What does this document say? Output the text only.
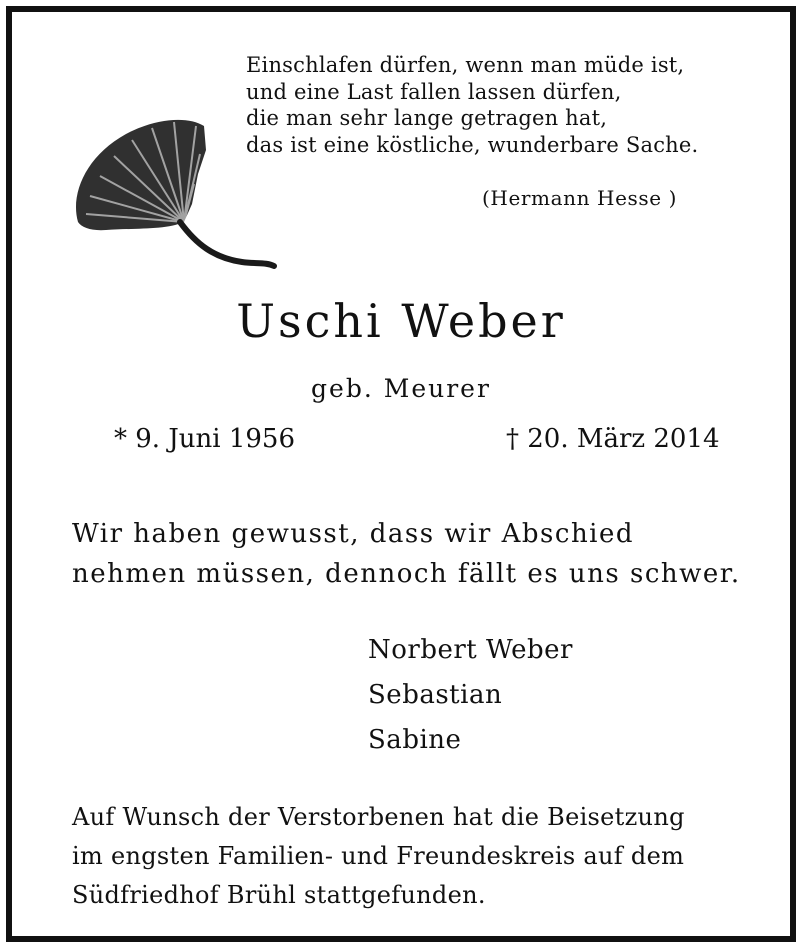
Einschlafen dürfen, wenn man müde ist,
und eine Last fallen lassen dürfen,
die man sehr lange getragen hat,
das ist eine köstliche, wunderbare Sache.
(Hermann Hesse )
Uschi Weber
geb. Meurer
* 9. Juni 1956	† 20. März 2014
Wir haben gewusst, dass wir Abschied
nehmen müssen, dennoch fällt es uns schwer.
Norbert Weber
Sebastian
Sabine
Auf Wunsch der Verstorbenen hat die Beisetzung
im engsten Familien- und Freundeskreis auf dem
Südfriedhof Brühl stattgefunden.
